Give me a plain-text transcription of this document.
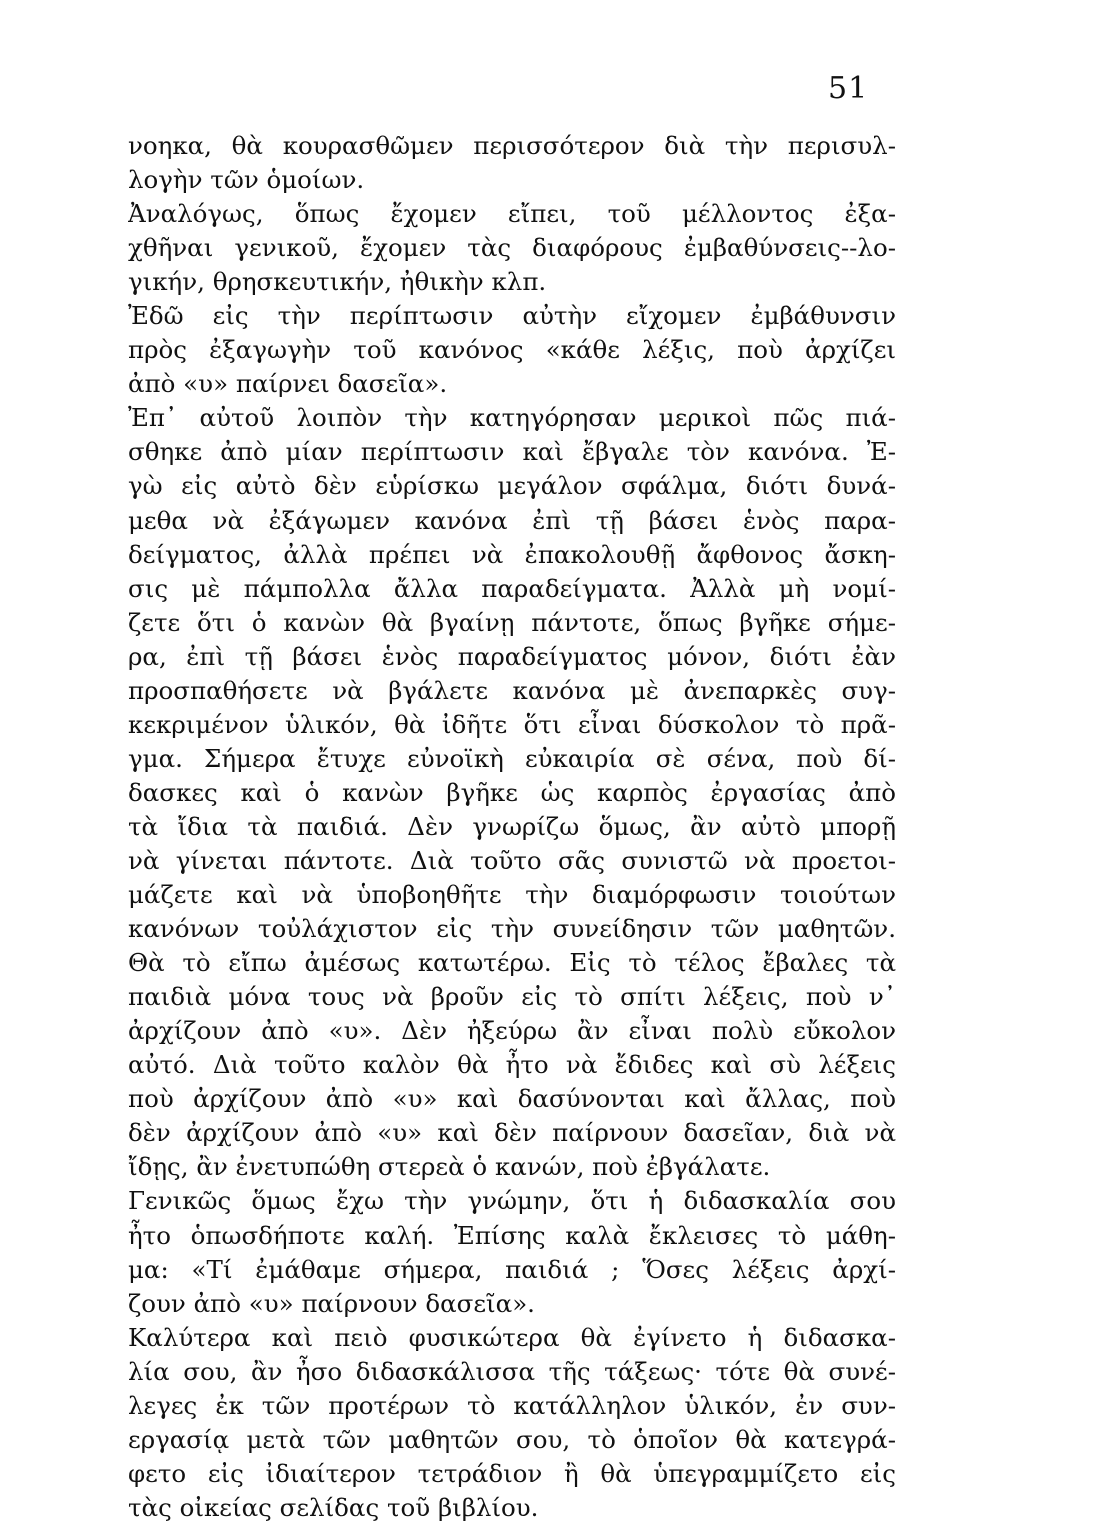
51
νοηκα, θὰ κουρασθῶμεν περισσότερον διὰ τὴν περισυλ-
λογὴν τῶν ὁμοίων.
Ἀναλόγως, ὅπως ἔχομεν εἴπει, τοῦ μέλλοντος ἐξα-
χθῆναι γενικοῦ, ἔχομεν τὰς διαφόρους ἐμβαθύνσεις--λο-
γικήν, θρησκευτικήν, ἠθικὴν κλπ.
Ἐδῶ εἰς τὴν περίπτωσιν αὐτὴν εἴχομεν ἐμβάθυνσιν
πρὸς ἐξαγωγὴν τοῦ κανόνος «κάθε λέξις, ποὺ ἀρχίζει
ἀπὸ «υ» παίρνει δασεῖα».
Ἐπ᾽ αὐτοῦ λοιπὸν τὴν κατηγόρησαν μερικοὶ πῶς πιά-
σθηκε ἀπὸ μίαν περίπτωσιν καὶ ἔβγαλε τὸν κανόνα. Ἐ-
γὼ εἰς αὐτὸ δὲν εὑρίσκω μεγάλον σφάλμα, διότι δυνά-
μεθα νὰ ἐξάγωμεν κανόνα ἐπὶ τῇ βάσει ἑνὸς παρα-
δείγματος, ἀλλὰ πρέπει νὰ ἐπακολουθῇ ἄφθονος ἄσκη-
σις μὲ πάμπολλα ἄλλα παραδείγματα. Ἀλλὰ μὴ νομί-
ζετε ὅτι ὁ κανὼν θὰ βγαίνῃ πάντοτε, ὅπως βγῆκε σήμε-
ρα, ἐπὶ τῇ βάσει ἑνὸς παραδείγματος μόνον, διότι ἐὰν
προσπαθήσετε νὰ βγάλετε κανόνα μὲ ἀνεπαρκὲς συγ-
κεκριμένον ὑλικόν, θὰ ἰδῆτε ὅτι εἶναι δύσκολον τὸ πρᾶ-
γμα. Σήμερα ἔτυχε εὐνοϊκὴ εὐκαιρία σὲ σένα, ποὺ δί-
δασκες καὶ ὁ κανὼν βγῆκε ὡς καρπὸς ἐργασίας ἀπὸ
τὰ ἴδια τὰ παιδιά. Δὲν γνωρίζω ὅμως, ἂν αὐτὸ μπορῇ
νὰ γίνεται πάντοτε. Διὰ τοῦτο σᾶς συνιστῶ νὰ προετοι-
μάζετε καὶ νὰ ὑποβοηθῆτε τὴν διαμόρφωσιν τοιούτων
κανόνων τοὐλάχιστον εἰς τὴν συνείδησιν τῶν μαθητῶν.
Θὰ τὸ εἴπω ἀμέσως κατωτέρω. Εἰς τὸ τέλος ἔβαλες τὰ
παιδιὰ μόνα τους νὰ βροῦν εἰς τὸ σπίτι λέξεις, ποὺ ν᾽
ἀρχίζουν ἀπὸ «υ». Δὲν ἠξεύρω ἂν εἶναι πολὺ εὔκολον
αὐτό. Διὰ τοῦτο καλὸν θὰ ἦτο νὰ ἔδιδες καὶ σὺ λέξεις
ποὺ ἀρχίζουν ἀπὸ «υ» καὶ δασύνονται καὶ ἄλλας, ποὺ
δὲν ἀρχίζουν ἀπὸ «υ» καὶ δὲν παίρνουν δασεῖαν, διὰ νὰ
ἴδῃς, ἂν ἐνετυπώθη στερεὰ ὁ κανών, ποὺ ἐβγάλατε.
Γενικῶς ὅμως ἔχω τὴν γνώμην, ὅτι ἡ διδασκαλία σου
ἦτο ὁπωσδήποτε καλή. Ἐπίσης καλὰ ἔκλεισες τὸ μάθη-
μα: «Τί ἐμάθαμε σήμερα, παιδιά ; Ὅσες λέξεις ἀρχί-
ζουν ἀπὸ «υ» παίρνουν δασεῖα».
Καλύτερα καὶ πειὸ φυσικώτερα θὰ ἐγίνετο ἡ διδασκα-
λία σου, ἂν ἦσο διδασκάλισσα τῆς τάξεως· τότε θὰ συνέ-
λεγες ἐκ τῶν προτέρων τὸ κατάλληλον ὑλικόν, ἐν συν-
εργασίᾳ μετὰ τῶν μαθητῶν σου, τὸ ὁποῖον θὰ κατεγρά-
φετο εἰς ἰδιαίτερον τετράδιον ἢ θὰ ὑπεγραμμίζετο εἰς
τὰς οἰκείας σελίδας τοῦ βιβλίου.
